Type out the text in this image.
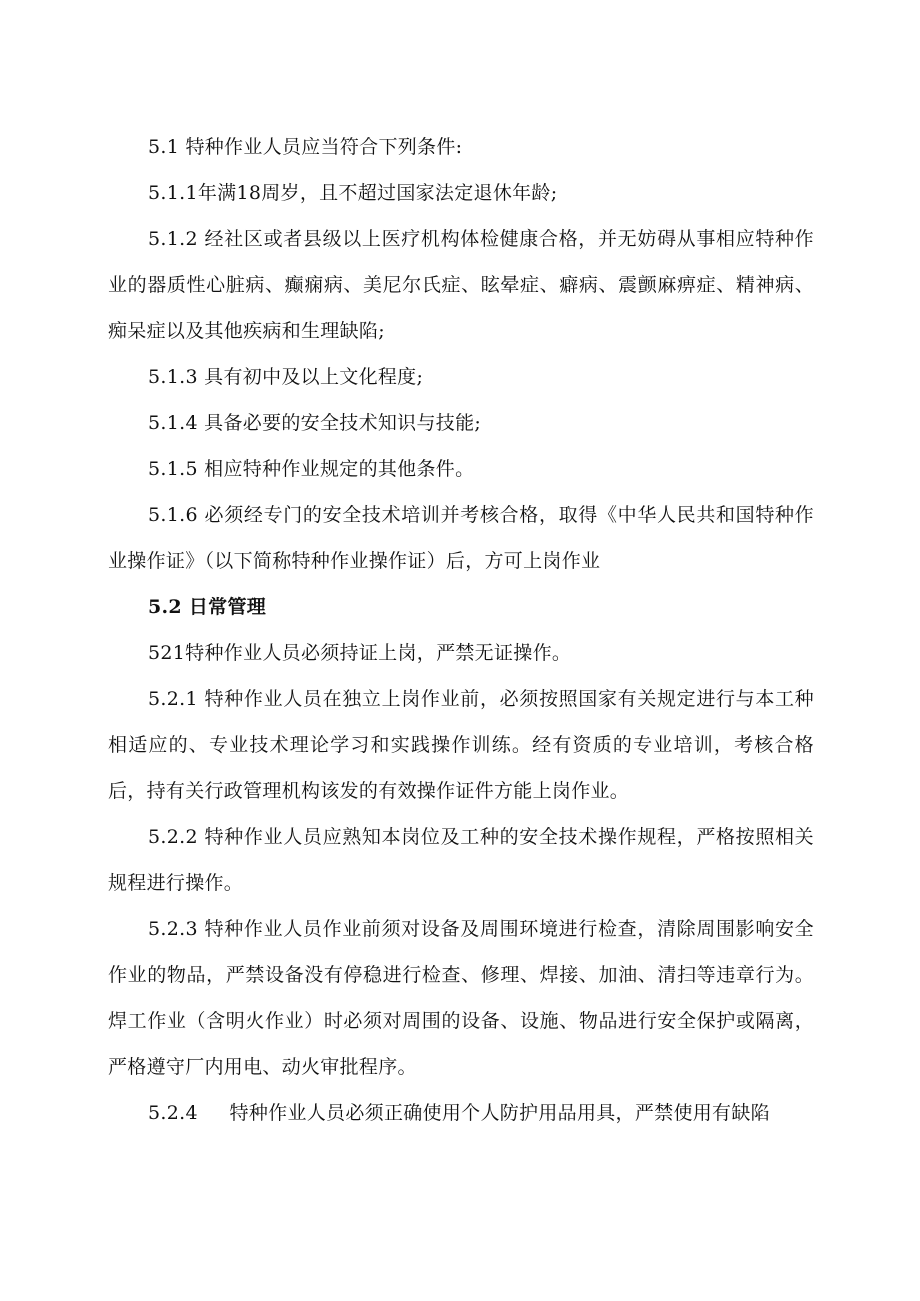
5.1 特种作业人员应当符合下列条件:

5.1.1年满18周岁，且不超过国家法定退休年龄;

5.1.2 经社区或者县级以上医疗机构体检健康合格，并无妨碍从事相应特种作业的器质性心脏病、癫痫病、美尼尔氏症、眩晕症、癖病、震颤麻痹症、精神病、痴呆症以及其他疾病和生理缺陷;

5.1.3 具有初中及以上文化程度;

5.1.4 具备必要的安全技术知识与技能;

5.1.5 相应特种作业规定的其他条件。

5.1.6 必须经专门的安全技术培训并考核合格，取得《中华人民共和国特种作业操作证》（以下简称特种作业操作证）后，方可上岗作业

5.2 日常管理

521特种作业人员必须持证上岗，严禁无证操作。

5.2.1 特种作业人员在独立上岗作业前，必须按照国家有关规定进行与本工种相适应的、专业技术理论学习和实践操作训练。经有资质的专业培训，考核合格后，持有关行政管理机构该发的有效操作证件方能上岗作业。

5.2.2 特种作业人员应熟知本岗位及工种的安全技术操作规程，严格按照相关规程进行操作。

5.2.3 特种作业人员作业前须对设备及周围环境进行检查，清除周围影响安全作业的物品，严禁设备没有停稳进行检查、修理、焊接、加油、清扫等违章行为。焊工作业（含明火作业）时必须对周围的设备、设施、物品进行安全保护或隔离，严格遵守厂内用电、动火审批程序。

5.2.4     特种作业人员必须正确使用个人防护用品用具，严禁使用有缺陷
